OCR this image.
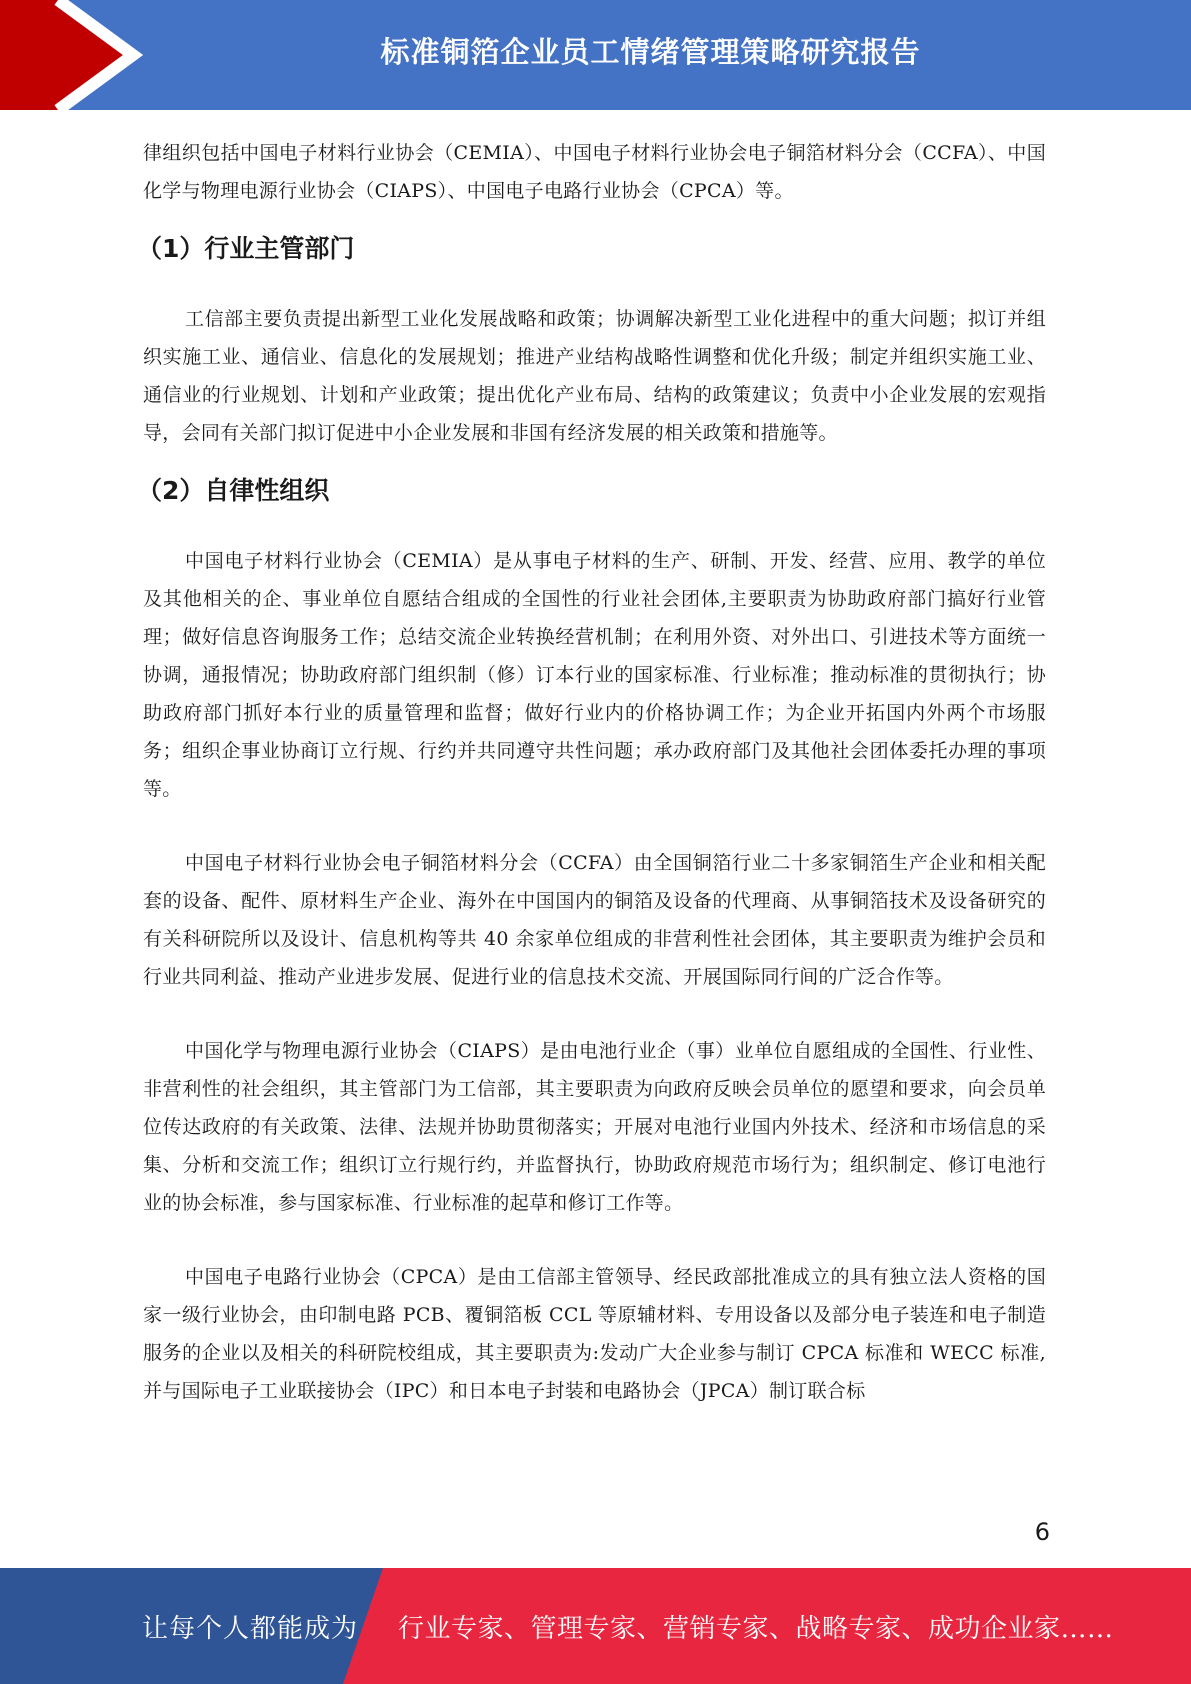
标准铜箔企业员工情绪管理策略研究报告

律组织包括中国电子材料行业协会（CEMIA）、中国电子材料行业协会电子铜箔材料分会（CCFA）、中国化学与物理电源行业协会（CIAPS）、中国电子电路行业协会（CPCA）等。

（1）行业主管部门

工信部主要负责提出新型工业化发展战略和政策；协调解决新型工业化进程中的重大问题；拟订并组织实施工业、通信业、信息化的发展规划；推进产业结构战略性调整和优化升级；制定并组织实施工业、通信业的行业规划、计划和产业政策；提出优化产业布局、结构的政策建议；负责中小企业发展的宏观指导，会同有关部门拟订促进中小企业发展和非国有经济发展的相关政策和措施等。

（2）自律性组织

中国电子材料行业协会（CEMIA）是从事电子材料的生产、研制、开发、经营、应用、教学的单位及其他相关的企、事业单位自愿结合组成的全国性的行业社会团体,主要职责为协助政府部门搞好行业管理；做好信息咨询服务工作；总结交流企业转换经营机制；在利用外资、对外出口、引进技术等方面统一协调，通报情况；协助政府部门组织制（修）订本行业的国家标准、行业标准；推动标准的贯彻执行；协助政府部门抓好本行业的质量管理和监督；做好行业内的价格协调工作；为企业开拓国内外两个市场服务；组织企事业协商订立行规、行约并共同遵守共性问题；承办政府部门及其他社会团体委托办理的事项等。

中国电子材料行业协会电子铜箔材料分会（CCFA）由全国铜箔行业二十多家铜箔生产企业和相关配套的设备、配件、原材料生产企业、海外在中国国内的铜箔及设备的代理商、从事铜箔技术及设备研究的有关科研院所以及设计、信息机构等共 40 余家单位组成的非营利性社会团体，其主要职责为维护会员和行业共同利益、推动产业进步发展、促进行业的信息技术交流、开展国际同行间的广泛合作等。

中国化学与物理电源行业协会（CIAPS）是由电池行业企（事）业单位自愿组成的全国性、行业性、非营利性的社会组织，其主管部门为工信部，其主要职责为向政府反映会员单位的愿望和要求，向会员单位传达政府的有关政策、法律、法规并协助贯彻落实；开展对电池行业国内外技术、经济和市场信息的采集、分析和交流工作；组织订立行规行约，并监督执行，协助政府规范市场行为；组织制定、修订电池行业的协会标准，参与国家标准、行业标准的起草和修订工作等。

中国电子电路行业协会（CPCA）是由工信部主管领导、经民政部批准成立的具有独立法人资格的国家一级行业协会，由印制电路 PCB、覆铜箔板 CCL 等原辅材料、专用设备以及部分电子装连和电子制造服务的企业以及相关的科研院校组成，其主要职责为:发动广大企业参与制订 CPCA 标准和 WECC 标准,并与国际电子工业联接协会（IPC）和日本电子封装和电路协会（JPCA）制订联合标

6
让每个人都能成为 行业专家、管理专家、营销专家、战略专家、成功企业家……
